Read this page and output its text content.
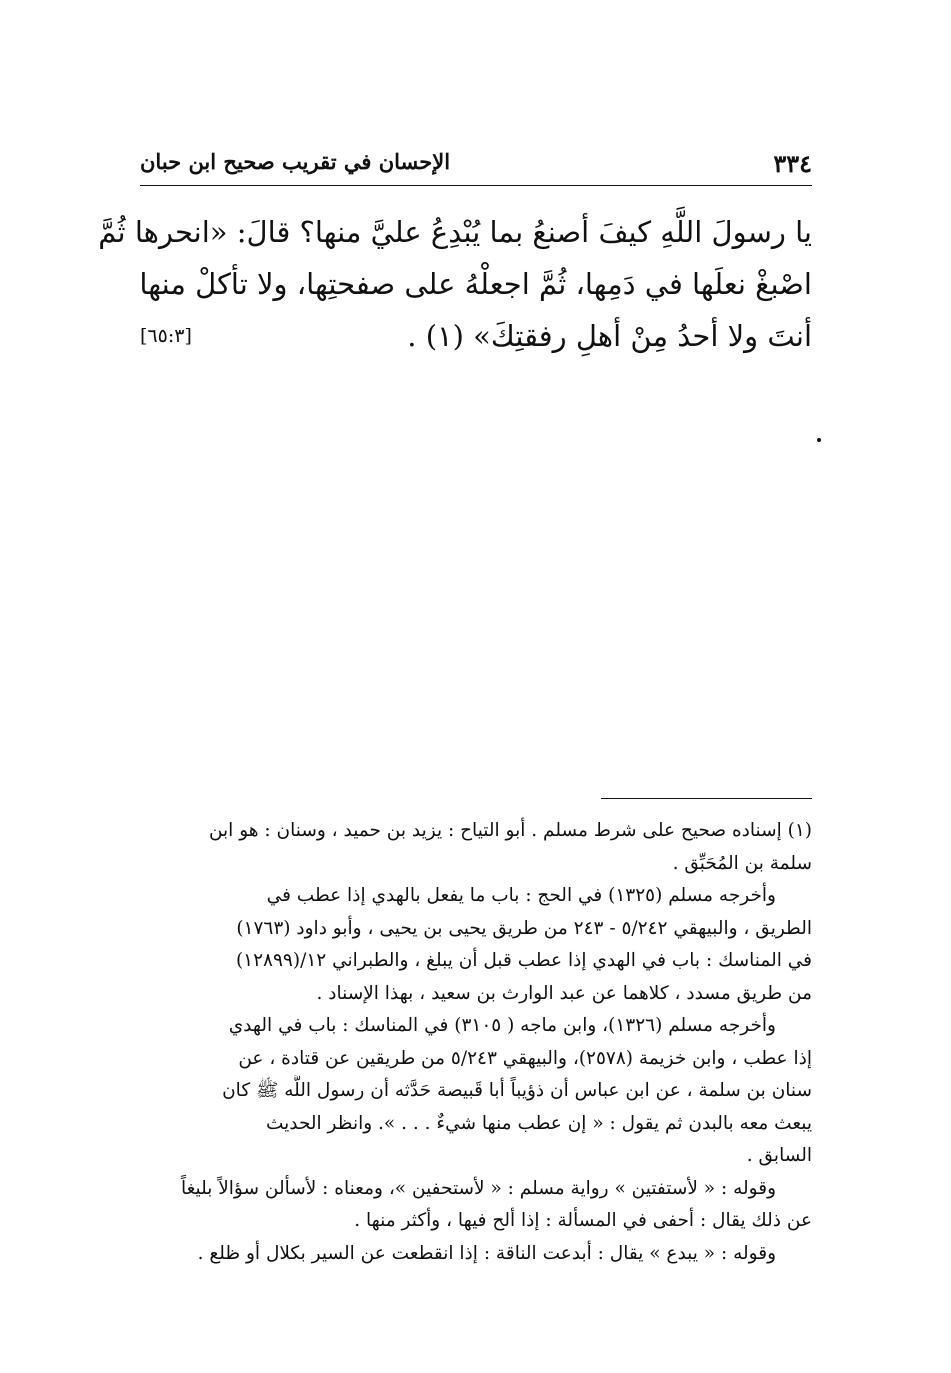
٣٣٤
الإحسان في تقريب صحيح ابن حبان
يا رسولَ اللَّهِ كيفَ أصنعُ بما يُبْدِعُ عليَّ منها؟ قالَ: «انحرها ثُمَّ
اصْبغْ نعلَها في دَمِها، ثُمَّ اجعلْهُ على صفحتِها، ولا تأكلْ منها
أنتَ ولا أحدُ مِنْ أهلِ رفقتِكَ» (١) .
[٦٥:٣]
(١) إسناده صحيح على شرط مسلم . أبو التياح : يزيد بن حميد ، وسنان : هو ابن
سلمة بن المُحَبِّق .
وأخرجه مسلم (١٣٢٥) في الحج : باب ما يفعل بالهدي إذا عطب في
الطريق ، والبيهقي ٥/٢٤٢ - ٢٤٣ من طريق يحيى بن يحيى ، وأبو داود (١٧٦٣)
في المناسك : باب في الهدي إذا عطب قبل أن يبلغ ، والطبراني ١٢/(١٢٨٩٩)
من طريق مسدد ، كلاهما عن عبد الوارث بن سعيد ، بهذا الإسناد .
وأخرجه مسلم (١٣٢٦)، وابن ماجه ( ٣١٠٥) في المناسك : باب في الهدي
إذا عطب ، وابن خزيمة (٢٥٧٨)، والبيهقي ٥/٢٤٣ من طريقين عن قتادة ، عن
سنان بن سلمة ، عن ابن عباس أن ذؤيباً أبا قَبيصة حَدَّثه أن رسول اللَّه ﷺ كان
يبعث معه بالبدن ثم يقول : « إن عطب منها شيءٌ . . . ». وانظر الحديث
السابق .
وقوله : « لأستفتين » رواية مسلم : « لأستحفين »، ومعناه : لأسألن سؤالاً بليغاً
عن ذلك يقال : أحفى في المسألة : إذا ألح فيها ، وأكثر منها .
وقوله : « يبدع » يقال : أبدعت الناقة : إذا انقطعت عن السير بكلال أو ظلع .
